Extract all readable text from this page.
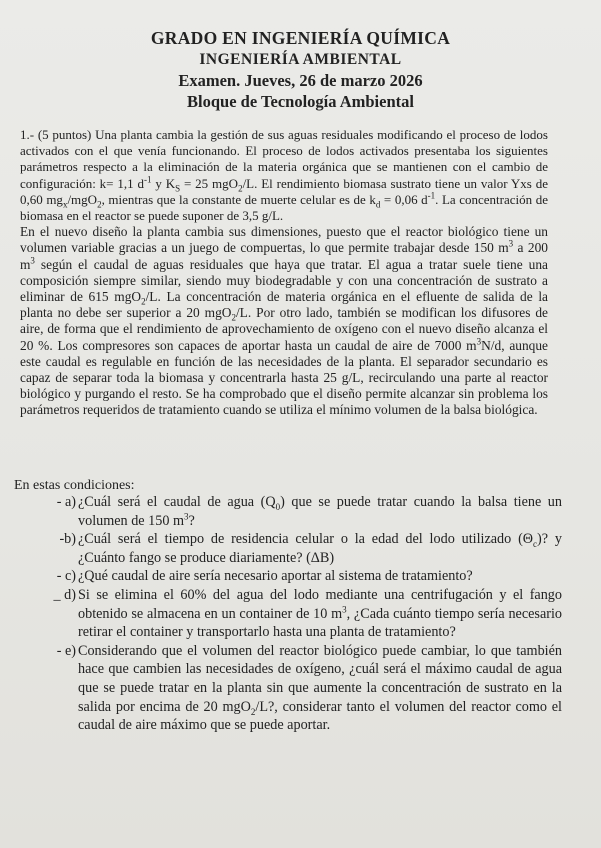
GRADO EN INGENIERÍA QUÍMICA
INGENIERÍA AMBIENTAL
Examen. Jueves, 26 de marzo 2026
Bloque de Tecnología Ambiental

1.- (5 puntos) Una planta cambia la gestión de sus aguas residuales modificando el proceso de lodos activados con el que venía funcionando. El proceso de lodos activados presentaba los siguientes parámetros respecto a la eliminación de la materia orgánica que se mantienen con el cambio de configuración: k= 1,1 $d^{-1}$ y $K_S = 25$ mgO$_2$/L. El rendimiento biomasa sustrato tiene un valor Yxs de 0,60 $mg_x/mgO_2$, mientras que la constante de muerte celular es de $k_d = 0,06$ $d^{-1}$. La concentración de biomasa en el reactor se puede suponer de 3,5 g/L.

En el nuevo diseño la planta cambia sus dimensiones, puesto que el reactor biológico tiene un volumen variable gracias a un juego de compuertas, lo que permite trabajar desde 150 $m^3$ a 200 $m^3$ según el caudal de aguas residuales que haya que tratar. El agua a tratar suele tiene una composición siempre similar, siendo muy biodegradable y con una concentración de sustrato a eliminar de 615 mgO$_2$/L. La concentración de materia orgánica en el efluente de salida de la planta no debe ser superior a 20 mgO$_2$/L. Por otro lado, también se modifican los difusores de aire, de forma que el rendimiento de aprovechamiento de oxígeno con el nuevo diseño alcanza el 20 %. Los compresores son capaces de aportar hasta un caudal de aire de 7000 $m^3N/d$, aunque este caudal es regulable en función de las necesidades de la planta. El separador secundario es capaz de separar toda la biomasa y concentrarla hasta 25 g/L, recirculando una parte al reactor biológico y purgando el resto. Se ha comprobado que el diseño permite alcanzar sin problema los parámetros requeridos de tratamiento cuando se utiliza el mínimo volumen de la balsa biológica.

En estas condiciones:
- a) ¿Cuál será el caudal de agua $(Q_0)$ que se puede tratar cuando la balsa tiene un volumen de 150 $m^3$?
-b) ¿Cuál será el tiempo de residencia celular o la edad del lodo utilizado $(\Theta_c)$? y ¿Cuánto fango se produce diariamente? (ΔB)
- c) ¿Qué caudal de aire sería necesario aportar al sistema de tratamiento?
_ d) Si se elimina el 60% del agua del lodo mediante una centrifugación y el fango obtenido se almacena en un container de 10 $m^3$, ¿Cada cuánto tiempo sería necesario retirar el container y transportarlo hasta una planta de tratamiento?
- e) Considerando que el volumen del reactor biológico puede cambiar, lo que también hace que cambien las necesidades de oxígeno, ¿cuál será el máximo caudal de agua que se puede tratar en la planta sin que aumente la concentración de sustrato en la salida por encima de 20 mgO$_2$/L?, considerar tanto el volumen del reactor como el caudal de aire máximo que se puede aportar.
